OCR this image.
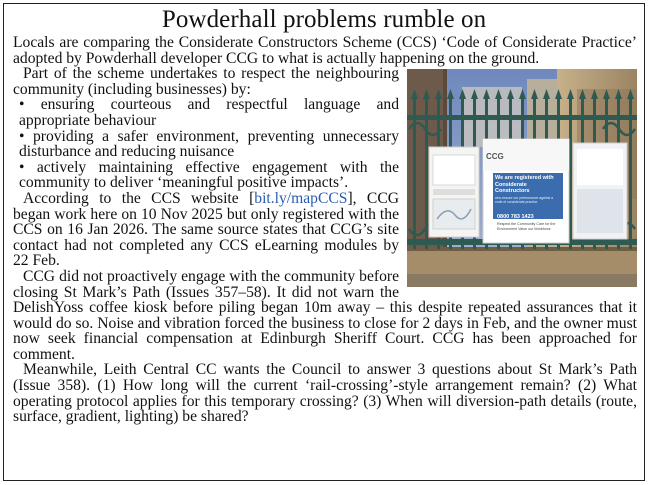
Powderhall problems rumble on

Locals are comparing the Considerate Constructors Scheme (CCS) ‘Code of Considerate Practice’ adopted by Powderhall developer CCG to what is actually happening on the ground.

CCG
We are registered with Considerate Constructors
who ensure our performance against a code of considerate practice
0800 783 1423
Respect the Community Care for the Environment Value our Workforce

Part of the scheme undertakes to respect the neighbouring community (including businesses) by:

• ensuring courteous and respectful language and appropriate behaviour

• providing a safer environment, preventing unnecessary disturbance and reducing nuisance

• actively maintaining effective engagement with the community to deliver ‘meaningful positive impacts’.

According to the CCS website [bit.ly/mapCCS], CCG began work here on 10 Nov 2025 but only registered with the CCS on 16 Jan 2026. The same source states that CCG’s site contact had not completed any CCS eLearning modules by 22 Feb.

CCG did not proactively engage with the community before closing St Mark’s Path (Issues 357–58). It did not warn the DelishYoss coffee kiosk before piling began 10m away – this despite repeated assurances that it would do so. Noise and vibration forced the business to close for 2 days in Feb, and the owner must now seek financial compensation at Edinburgh Sheriff Court. CCG has been approached for comment.

Meanwhile, Leith Central CC wants the Council to answer 3 questions about St Mark’s Path (Issue 358). (1) How long will the current ‘rail-crossing’-style arrangement remain? (2) What operating protocol applies for this temporary crossing? (3) When will diversion-path details (route, surface, gradient, lighting) be shared?
